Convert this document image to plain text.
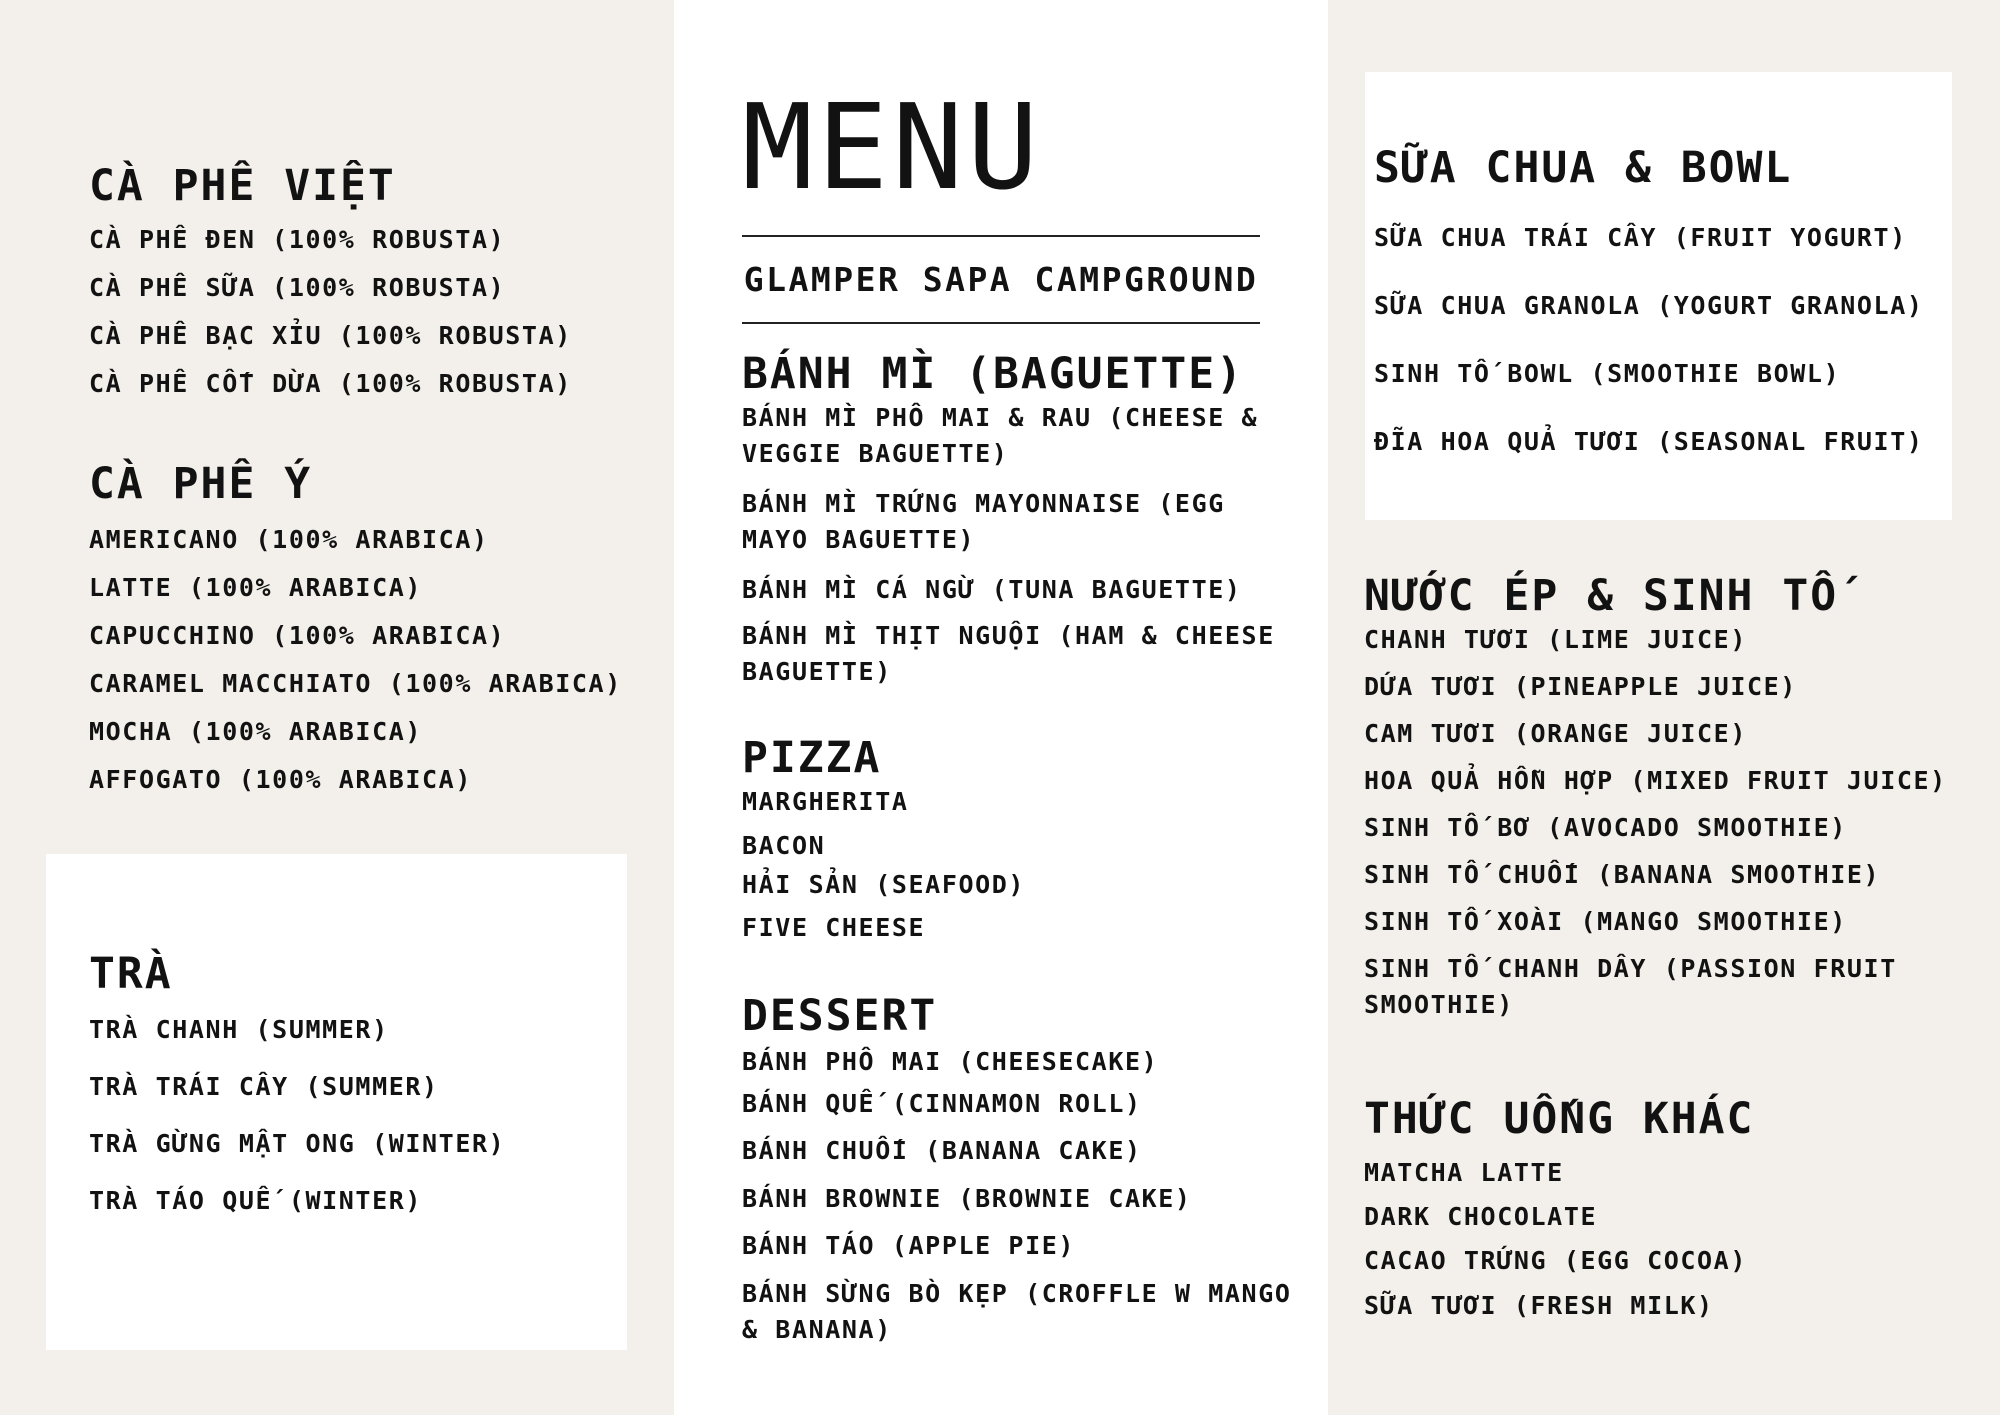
MENU
GLAMPER SAPA CAMPGROUND
CÀ PHÊ VIỆT
CÀ PHÊ ĐEN (100% ROBUSTA)
CÀ PHÊ SỮA (100% ROBUSTA)
CÀ PHÊ BẠC XỈU (100% ROBUSTA)
CÀ PHÊ CỐT DỪA (100% ROBUSTA)
CÀ PHÊ Ý
AMERICANO (100% ARABICA)
LATTE (100% ARABICA)
CAPUCCHINO (100% ARABICA)
CARAMEL MACCHIATO (100% ARABICA)
MOCHA (100% ARABICA)
AFFOGATO (100% ARABICA)
TRÀ
TRÀ CHANH (SUMMER)
TRÀ TRÁI CÂY (SUMMER)
TRÀ GỪNG MẬT ONG (WINTER)
TRÀ TÁO QUẾ (WINTER)
BÁNH MÌ (BAGUETTE)
BÁNH MÌ PHÔ MAI & RAU (CHEESE & VEGGIE BAGUETTE)
BÁNH MÌ TRỨNG MAYONNAISE (EGG MAYO BAGUETTE)
BÁNH MÌ CÁ NGỪ (TUNA BAGUETTE)
BÁNH MÌ THỊT NGUỘI (HAM & CHEESE BAGUETTE)
PIZZA
MARGHERITA
BACON
HẢI SẢN (SEAFOOD)
FIVE CHEESE
DESSERT
BÁNH PHÔ MAI (CHEESECAKE)
BÁNH QUẾ (CINNAMON ROLL)
BÁNH CHUỐI (BANANA CAKE)
BÁNH BROWNIE (BROWNIE CAKE)
BÁNH TÁO (APPLE PIE)
BÁNH SỪNG BÒ KẸP (CROFFLE W MANGO & BANANA)
SỮA CHUA & BOWL
SỮA CHUA TRÁI CÂY (FRUIT YOGURT)
SỮA CHUA GRANOLA (YOGURT GRANOLA)
SINH TỐ BOWL (SMOOTHIE BOWL)
ĐĨA HOA QUẢ TƯƠI (SEASONAL FRUIT)
NƯỚC ÉP & SINH TỐ
CHANH TƯƠI (LIME JUICE)
DỨA TƯƠI (PINEAPPLE JUICE)
CAM TƯƠI (ORANGE JUICE)
HOA QUẢ HỖN HỢP (MIXED FRUIT JUICE)
SINH TỐ BƠ (AVOCADO SMOOTHIE)
SINH TỐ CHUỐI (BANANA SMOOTHIE)
SINH TỐ XOÀI (MANGO SMOOTHIE)
SINH TỐ CHANH DÂY (PASSION FRUIT SMOOTHIE)
THỨC UỐNG KHÁC
MATCHA LATTE
DARK CHOCOLATE
CACAO TRỨNG (EGG COCOA)
SỮA TƯƠI (FRESH MILK)
